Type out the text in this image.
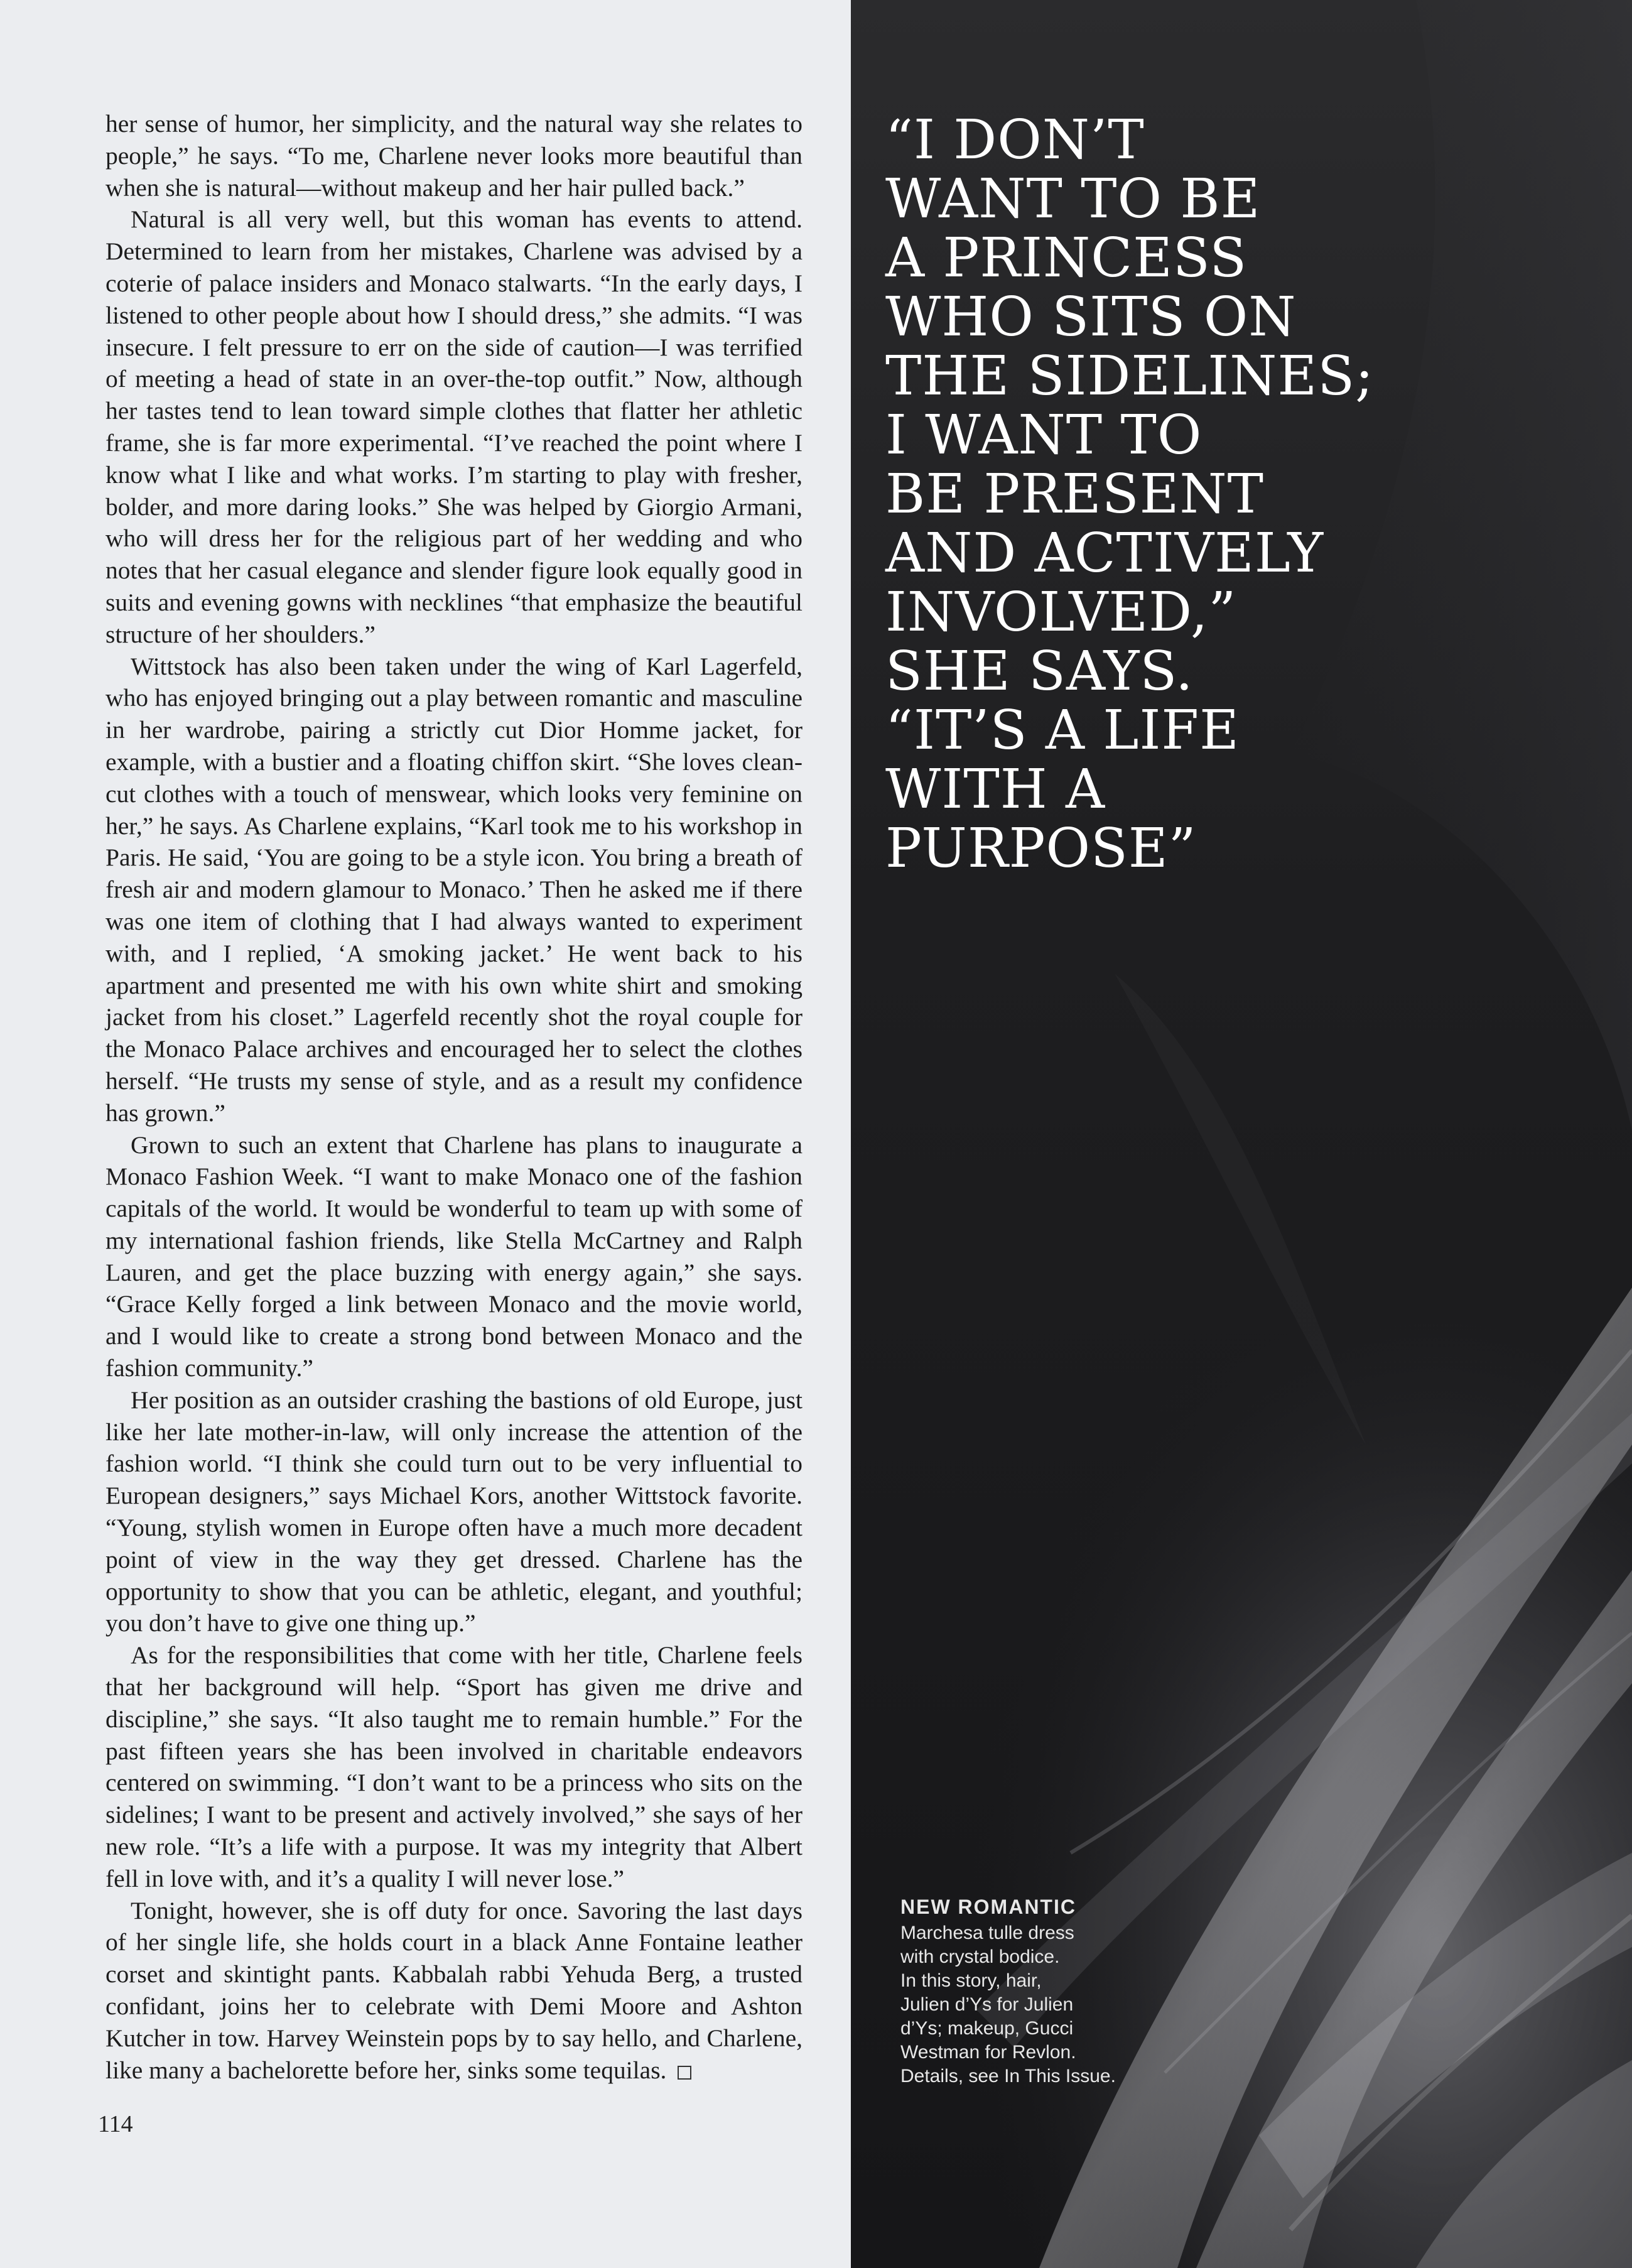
her sense of humor, her simplicity, and the natural way she relates to people,” he says. “To me, Charlene never looks more beautiful than when she is natural—without makeup and her hair pulled back.”

Natural is all very well, but this woman has events to attend. Determined to learn from her mistakes, Charlene was advised by a coterie of palace insiders and Monaco stalwarts. “In the early days, I listened to other people about how I should dress,” she admits. “I was insecure. I felt pressure to err on the side of caution—I was terrified of meeting a head of state in an over-the-top outfit.” Now, although her tastes tend to lean toward simple clothes that flatter her athletic frame, she is far more experimental. “I’ve reached the point where I know what I like and what works. I’m starting to play with fresher, bolder, and more daring looks.” She was helped by Giorgio Armani, who will dress her for the religious part of her wedding and who notes that her casual elegance and slender figure look equally good in suits and evening gowns with necklines “that emphasize the beautiful structure of her shoulders.”

Wittstock has also been taken under the wing of Karl Lagerfeld, who has enjoyed bringing out a play between romantic and masculine in her wardrobe, pairing a strictly cut Dior Homme jacket, for example, with a bustier and a floating chiffon skirt. “She loves clean-cut clothes with a touch of menswear, which looks very feminine on her,” he says. As Charlene explains, “Karl took me to his workshop in Paris. He said, ‘You are going to be a style icon. You bring a breath of fresh air and modern glamour to Monaco.’ Then he asked me if there was one item of clothing that I had always wanted to experiment with, and I replied, ‘A smoking jacket.’ He went back to his apartment and presented me with his own white shirt and smoking jacket from his closet.” Lagerfeld recently shot the royal couple for the Monaco Palace archives and encouraged her to select the clothes herself. “He trusts my sense of style, and as a result my confidence has grown.”

Grown to such an extent that Charlene has plans to inaugurate a Monaco Fashion Week. “I want to make Monaco one of the fashion capitals of the world. It would be wonderful to team up with some of my international fashion friends, like Stella McCartney and Ralph Lauren, and get the place buzzing with energy again,” she says. “Grace Kelly forged a link between Monaco and the movie world, and I would like to create a strong bond between Monaco and the fashion community.”

Her position as an outsider crashing the bastions of old Europe, just like her late mother-in-law, will only increase the attention of the fashion world. “I think she could turn out to be very influential to European designers,” says Michael Kors, another Wittstock favorite. “Young, stylish women in Europe often have a much more decadent point of view in the way they get dressed. Charlene has the opportunity to show that you can be athletic, elegant, and youthful; you don’t have to give one thing up.”

As for the responsibilities that come with her title, Charlene feels that her background will help. “Sport has given me drive and discipline,” she says. “It also taught me to remain humble.” For the past fifteen years she has been involved in charitable endeavors centered on swimming. “I don’t want to be a princess who sits on the sidelines; I want to be present and actively involved,” she says of her new role. “It’s a life with a purpose. It was my integrity that Albert fell in love with, and it’s a quality I will never lose.”

Tonight, however, she is off duty for once. Savoring the last days of her single life, she holds court in a black Anne Fontaine leather corset and skintight pants. Kabbalah rabbi Yehuda Berg, a trusted confidant, joins her to celebrate with Demi Moore and Ashton Kutcher in tow. Harvey Weinstein pops by to say hello, and Charlene, like many a bachelorette before her, sinks some tequilas.

114
“I DON’T
WANT TO BE
A PRINCESS
WHO SITS ON
THE SIDELINES;
I WANT TO
BE PRESENT
AND ACTIVELY
INVOLVED,”
SHE SAYS.
“IT’S A LIFE
WITH A
PURPOSE”
NEW ROMANTIC
Marchesa tulle dress
with crystal bodice.
In this story, hair,
Julien d’Ys for Julien
d’Ys; makeup, Gucci
Westman for Revlon.
Details, see In This Issue.
